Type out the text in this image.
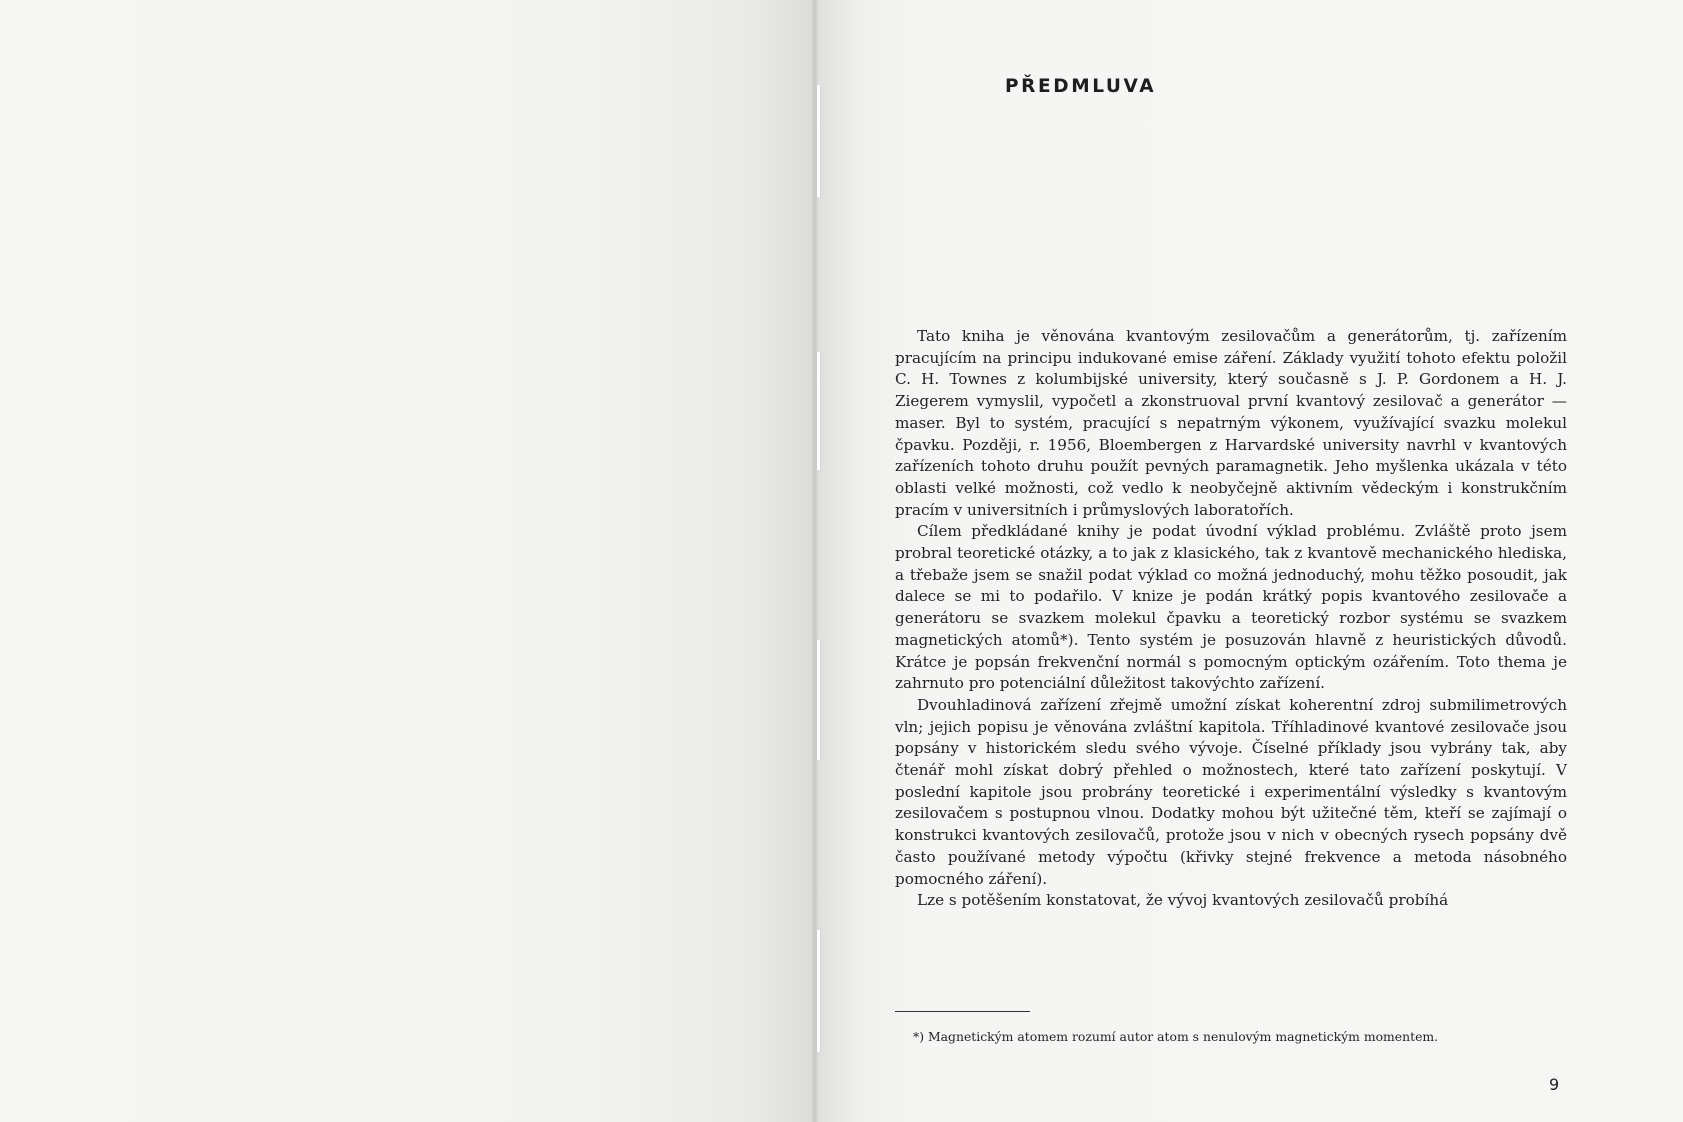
PŘEDMLUVA

Tato kniha je věnována kvantovým zesilovačům a generátorům, tj. zařízením pracujícím na principu indukované emise záření. Základy využití tohoto efektu položil C. H. Townes z kolumbijské university, který současně s J. P. Gordonem a H. J. Ziegerem vymyslil, vypočetl a zkonstruoval první kvantový zesilovač a generátor — maser. Byl to systém, pracující s nepatrným výkonem, využívající svazku molekul čpavku. Později, r. 1956, Bloembergen z Harvardské university navrhl v kvantových zařízeních tohoto druhu použít pevných paramagnetik. Jeho myšlenka ukázala v této oblasti velké možnosti, což vedlo k neobyčejně aktivním vědeckým i konstrukčním pracím v universitních i průmyslových laboratořích.

Cílem předkládané knihy je podat úvodní výklad problému. Zvláště proto jsem probral teoretické otázky, a to jak z klasického, tak z kvantově mechanického hlediska, a třebaže jsem se snažil podat výklad co možná jednoduchý, mohu těžko posoudit, jak dalece se mi to podařilo. V knize je podán krátký popis kvantového zesilovače a generátoru se svazkem molekul čpavku a teoretický rozbor systému se svazkem magnetických atomů*). Tento systém je posuzován hlavně z heuristických důvodů. Krátce je popsán frekvenční normál s pomocným optickým ozářením. Toto thema je zahrnuto pro potenciální důležitost takovýchto zařízení.

Dvouhladinová zařízení zřejmě umožní získat koherentní zdroj submilimetrových vln; jejich popisu je věnována zvláštní kapitola. Tříhladinové kvantové zesilovače jsou popsány v historickém sledu svého vývoje. Číselné příklady jsou vybrány tak, aby čtenář mohl získat dobrý přehled o možnostech, které tato zařízení poskytují. V poslední kapitole jsou probrány teoretické i experimentální výsledky s kvantovým zesilovačem s postupnou vlnou. Dodatky mohou být užitečné těm, kteří se zajímají o konstrukci kvantových zesilovačů, protože jsou v nich v obecných rysech popsány dvě často používané metody výpočtu (křivky stejné frekvence a metoda násobného pomocného záření).

Lze s potěšením konstatovat, že vývoj kvantových zesilovačů probíhá

*) Magnetickým atomem rozumí autor atom s nenulovým magnetickým momentem.

9
